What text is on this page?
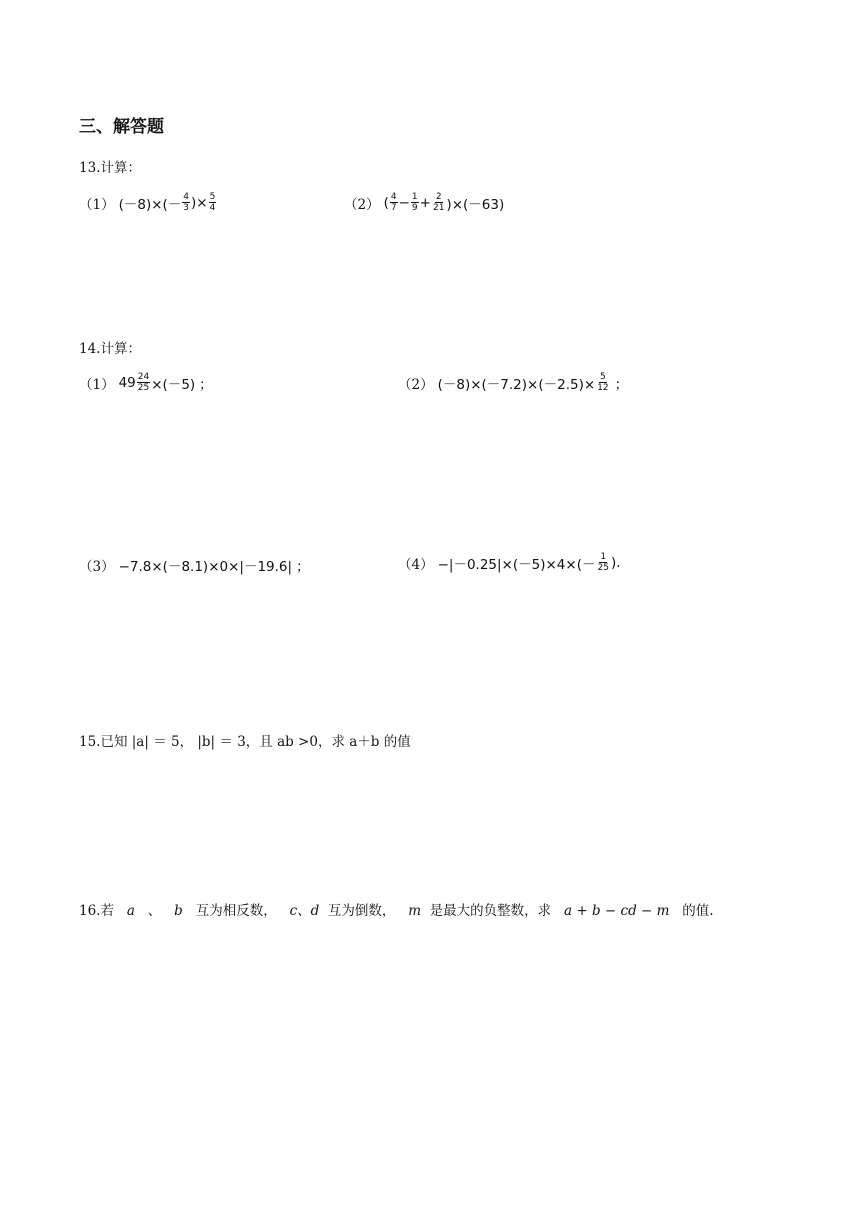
三、解答题
13.计算：
（1） $(-8)\times(- \frac{4}{3}$ )× $\frac{5}{4}$	（2） ( $\frac{4}{7} - \frac{1}{9} + \frac{2}{21} )\times(-63)$
14.计算：
（1） $49 \frac{24}{25} \times(-5)$ ；	（2） $(-8)\times(-7.2)\times(-2.5)\times \frac{5}{12}$ ；
（3） −7.8×(－8.1)×0×|－19.6| ；	$(4) -|-0.25|\times(-5)\times 4\times(- \frac{1}{25}$ ) .
15.已知 |a| ＝ 5， |b| ＝ 3，且 ab >0，求 a＋b 的值
16.若 a 、 b 互为相反数， c、d 互为倒数， m 是最大的负整数，求 a + b − cd − m 的值.
